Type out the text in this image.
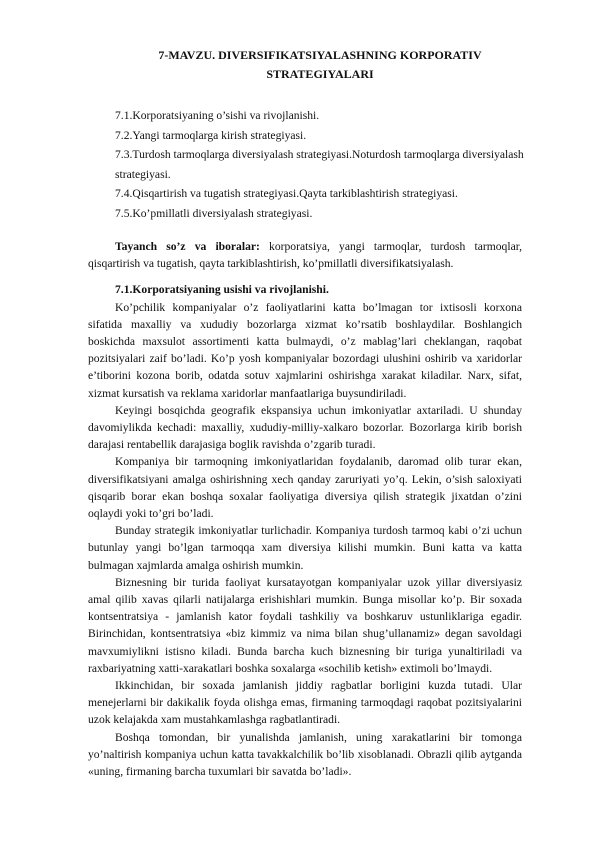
7-MAVZU. DIVERSIFIKATSIYALASHNING KORPORATIV
STRATEGIYALARI
7.1.Korporatsiyaning o’sishi va rivojlanishi.
7.2.Yangi tarmoqlarga kirish strategiyasi.
7.3.Turdosh tarmoqlarga diversiyalash strategiyasi.Noturdosh tarmoqlarga diversiyalash strategiyasi.
7.4.Qisqartirish va tugatish strategiyasi.Qayta tarkiblashtirish strategiyasi.
7.5.Ko’pmillatli diversiyalash strategiyasi.

Tayanch so’z va iboralar: korporatsiya, yangi tarmoqlar, turdosh tarmoqlar, qisqartirish va tugatish, qayta tarkiblashtirish, ko’pmillatli diversifikatsiyalash.

7.1.Korporatsiyaning usishi va rivojlanishi.

Ko’pchilik kompaniyalar o’z faoliyatlarini katta bo’lmagan tor ixtisosli korxona sifatida maxalliy va xududiy bozorlarga xizmat ko’rsatib boshlaydilar. Boshlangich boskichda maxsulot assortimenti katta bulmaydi, o’z mablag’lari cheklangan, raqobat pozitsiyalari zaif bo’ladi. Ko’p yosh kompaniyalar bozordagi ulushini oshirib va xaridorlar e’tiborini kozona borib, odatda sotuv xajmlarini oshirishga xarakat kiladilar. Narx, sifat, xizmat kursatish va reklama xaridorlar manfaatlariga buysundiriladi.

Keyingi bosqichda geografik ekspansiya uchun imkoniyatlar axtariladi. U shunday davomiylikda kechadi: maxalliy, xududiy-milliy-xalkaro bozorlar. Bozorlarga kirib borish darajasi rentabellik darajasiga boglik ravishda o’zgarib turadi.

Kompaniya bir tarmoqning imkoniyatlaridan foydalanib, daromad olib turar ekan, diversifikatsiyani amalga oshirishning xech qanday zaruriyati yo’q. Lekin, o’sish saloxiyati qisqarib borar ekan boshqa soxalar faoliyatiga diversiya qilish strategik jixatdan o’zini oqlaydi yoki to’gri bo’ladi.

Bunday strategik imkoniyatlar turlichadir. Kompaniya turdosh tarmoq kabi o’zi uchun butunlay yangi bo’lgan tarmoqqa xam diversiya kilishi mumkin. Buni katta va katta bulmagan xajmlarda amalga oshirish mumkin.

Biznesning bir turida faoliyat kursatayotgan kompaniyalar uzok yillar diversiyasiz amal qilib xavas qilarli natijalarga erishishlari mumkin. Bunga misollar ko’p. Bir soxada kontsentratsiya - jamlanish kator foydali tashkiliy va boshkaruv ustunliklariga egadir. Birinchidan, kontsentratsiya «biz kimmiz va nima bilan shug’ullanamiz» degan savoldagi mavxumiylikni istisno kiladi. Bunda barcha kuch biznesning bir turiga yunaltiriladi va raxbariyatning xatti-xarakatlari boshka soxalarga «sochilib ketish» extimoli bo’lmaydi.

Ikkinchidan, bir soxada jamlanish jiddiy ragbatlar borligini kuzda tutadi. Ular menejerlarni bir dakikalik foyda olishga emas, firmaning tarmoqdagi raqobat pozitsiyalarini uzok kelajakda xam mustahkamlashga ragbatlantiradi.

Boshqa tomondan, bir yunalishda jamlanish, uning xarakatlarini bir tomonga yo’naltirish kompaniya uchun katta tavakkalchilik bo’lib xisoblanadi. Obrazli qilib aytganda «uning, firmaning barcha tuxumlari bir savatda bo’ladi».
